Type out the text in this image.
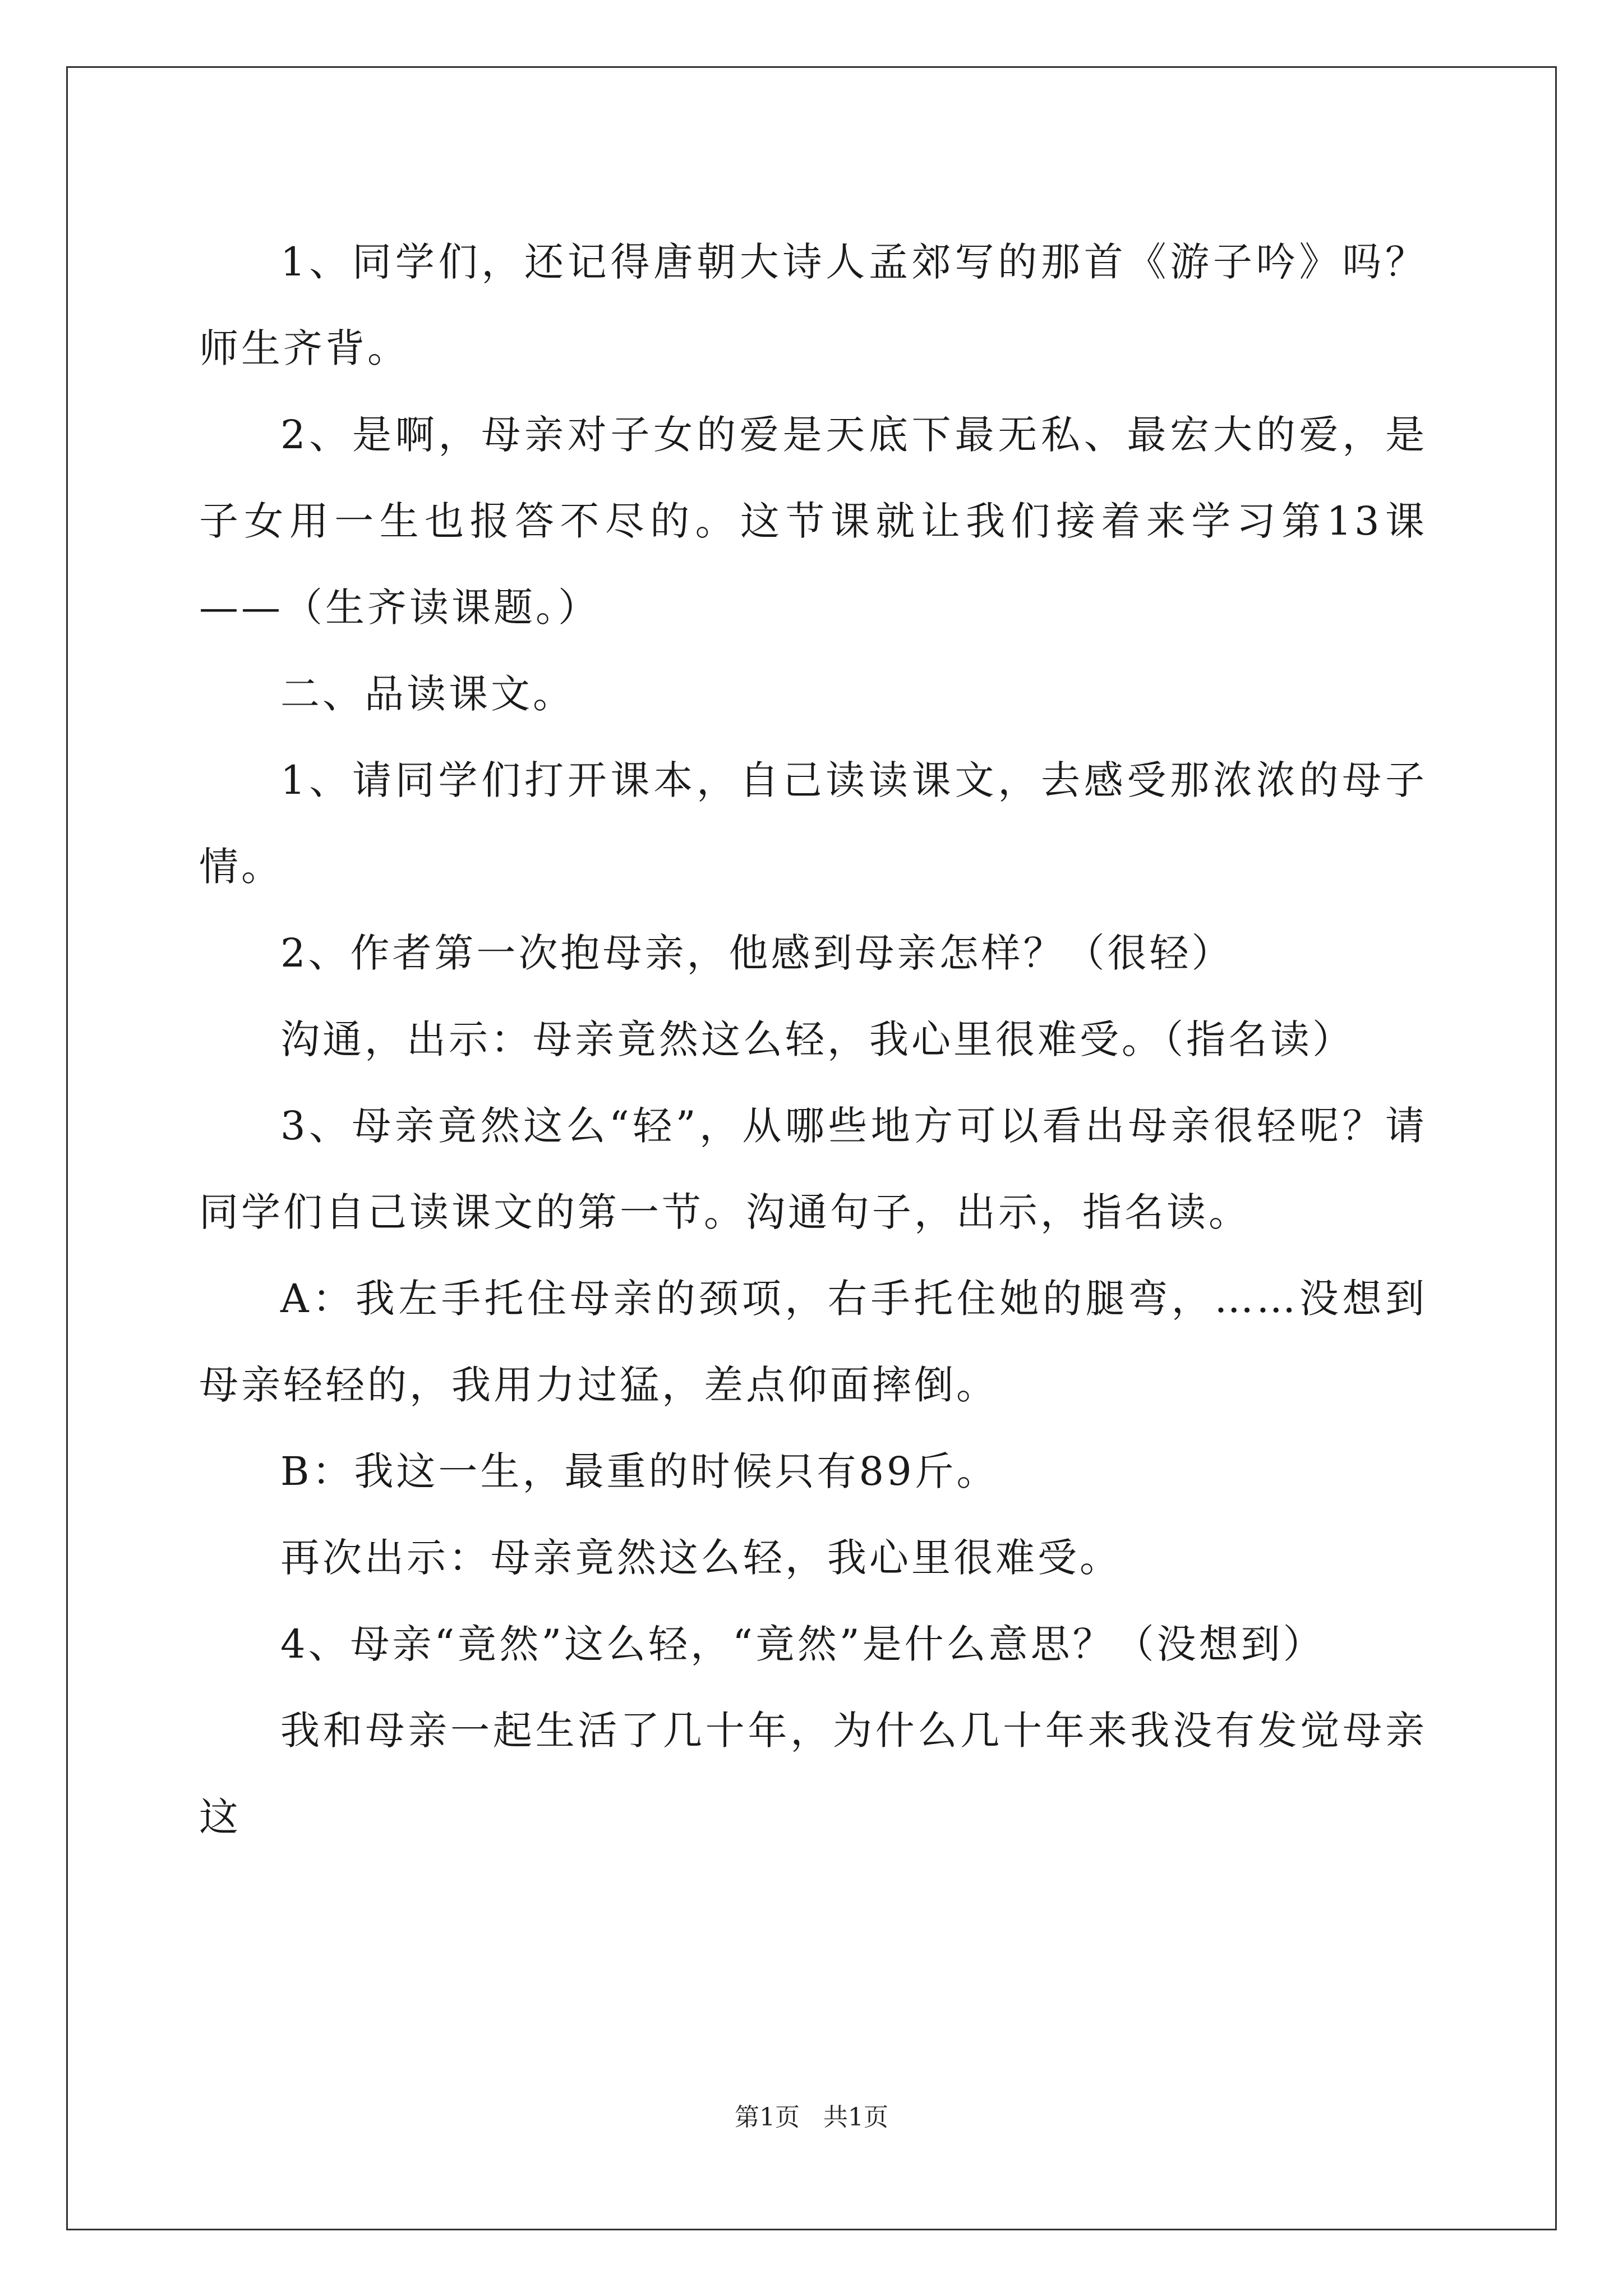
1、同学们，还记得唐朝大诗人孟郊写的那首《游子吟》吗？师生齐背。

2、是啊，母亲对子女的爱是天底下最无私、最宏大的爱，是子女用一生也报答不尽的。这节课就让我们接着来学习第13课——（生齐读课题。）

二、品读课文。

1、请同学们打开课本，自己读读课文，去感受那浓浓的母子情。

2、作者第一次抱母亲，他感到母亲怎样？（很轻）

沟通，出示：母亲竟然这么轻，我心里很难受。（指名读）

3、母亲竟然这么“轻”，从哪些地方可以看出母亲很轻呢？请同学们自己读课文的第一节。沟通句子，出示，指名读。

A：我左手托住母亲的颈项，右手托住她的腿弯，……没想到母亲轻轻的，我用力过猛，差点仰面摔倒。

B：我这一生，最重的时候只有89斤。

再次出示：母亲竟然这么轻，我心里很难受。

4、母亲“竟然”这么轻，“竟然”是什么意思？（没想到）

我和母亲一起生活了几十年，为什么几十年来我没有发觉母亲这

第1页 共1页
